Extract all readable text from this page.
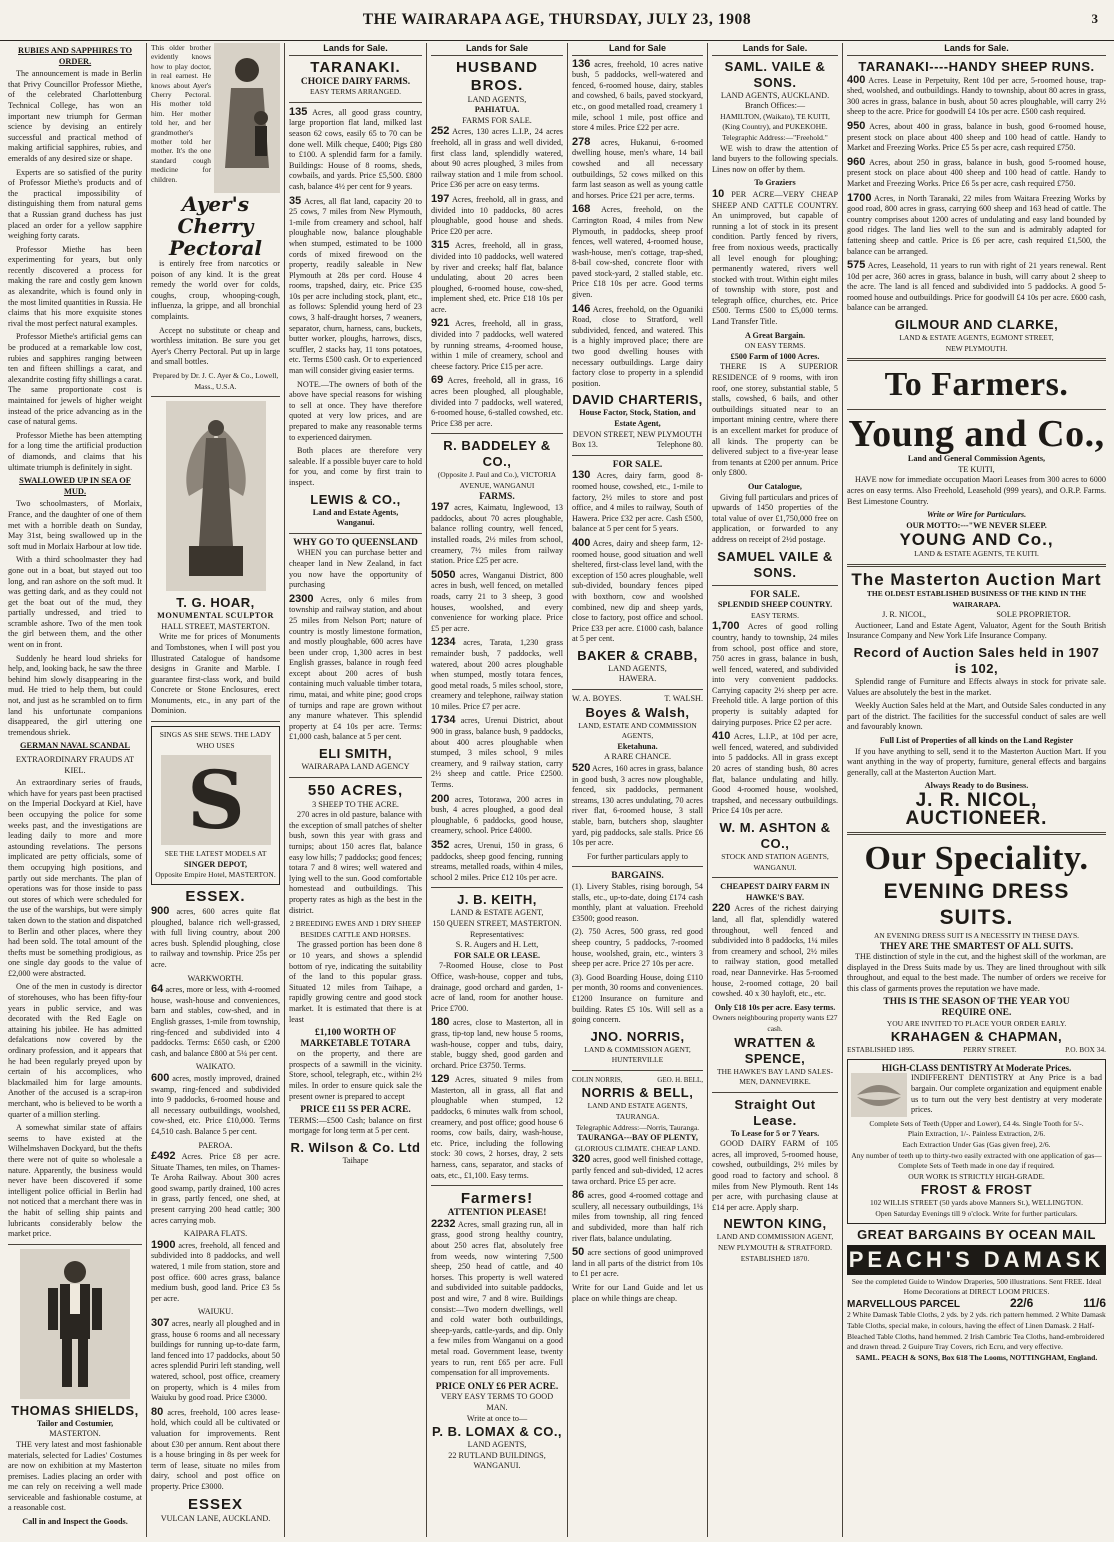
THE WAIRARAPA AGE, THURSDAY, JULY 23, 1908	3
RUBIES AND SAPPHIRES TO ORDER.

The announcement is made in Berlin that Privy Councillor Professor Miethe, of the celebrated Charlottenburg Technical College, has won an important new triumph for German science by devising an entirely successful and practical method of making artificial sapphires, rubies, and emeralds of any desired size or shape.

Experts are so satisfied of the purity of Professor Miethe's products and of the practical impossibility of distinguishing them from natural gems that a Russian grand duchess has just placed an order for a yellow sapphire weighing forty carats.

Professor Miethe has been experimenting for years, but only recently discovered a process for making the rare and costly gem known as alexandrite, which is found only in the most limited quantities in Russia. He claims that his more exquisite stones rival the most perfect natural examples.

Professor Miethe's artificial gems can be produced at a remarkable low cost, rubies and sapphires ranging between ten and fifteen shillings a carat, and alexandrite costing fifty shillings a carat. The same proportionate cost is maintained for jewels of higher weight instead of the price advancing as in the case of natural gems.

Professor Miethe has been attempting for a long time the artificial production of diamonds, and claims that his ultimate triumph is definitely in sight.

SWALLOWED UP IN SEA OF MUD.

Two schoolmasters, of Morlaix, France, and the daughter of one of them met with a horrible death on Sunday, May 31st, being swallowed up in the soft mud in Morlaix Harbour at low tide.

With a third schoolmaster they had gone out in a boat, but stayed out too long, and ran ashore on the soft mud. It was getting dark, and as they could not get the boat out of the mud, they partially undressed, and tried to scramble ashore. Two of the men took the girl between them, and the other went on in front.

Suddenly he heard loud shrieks for help, and, looking back, he saw the three behind him slowly disappearing in the mud. He tried to help them, but could not, and just as he scrambled on to firm land his unfortunate companions disappeared, the girl uttering one tremendous shriek.

GERMAN NAVAL SCANDAL
EXTRAORDINARY FRAUDS AT KIEL.

An extraordinary series of frauds, which have for years past been practised on the Imperial Dockyard at Kiel, have been occupying the police for some weeks past, and the investigations are leading daily to more and more astounding revelations. The persons implicated are petty officials, some of them occupying high positions, and partly out side merchants. The plan of operations was for those inside to pass out stores of which were scheduled for the use of the warships, but were simply taken down to the station and dispatched to Berlin and other places, where they had been sold. The total amount of the thefts must be something prodigious, as one single day goods to the value of £2,000 were abstracted.

One of the men in custody is director of storehouses, who has been fifty-four years in public service, and was decorated with the Red Eagle on attaining his jubilee. He has admitted defalcations now covered by the ordinary profession, and it appears that he had been regularly preyed upon by certain of his accomplices, who blackmailed him for large amounts. Another of the accused is a scrap-iron merchant, who is believed to be worth a quarter of a million sterling.

A somewhat similar state of affairs seems to have existed at the Wilhelmshaven Dockyard, but the thefts there were not of quite so wholesale a nature. Apparently, the business would never have been discovered if some intelligent police official in Berlin had not noticed that a merchant there was in the habit of selling ship paints and lubricants considerably below the market price.

THOMAS SHIELDS,
Tailor and Costumier,
MASTERTON.

THE very latest and most fashionable materials, selected for Ladies' Costumes are now on exhibition at my Masterton premises. Ladies placing an order with me can rely on receiving a well made serviceable and fashionable costume, at a reasonable cost.

Call in and Inspect the Goods.

This older brother evidently knows how to play doctor, in real earnest. He knows about Ayer's Cherry Pectoral. His mother told him. Her mother told her, and her grandmother's mother told her mother. It's the one standard cough medicine for children.

Ayer's Cherry Pectoral

is entirely free from narcotics or poison of any kind. It is the great remedy the world over for colds, coughs, croup, whooping-cough, influenza, la grippe, and all bronchial complaints.

Accept no substitute or cheap and worthless imitation. Be sure you get Ayer's Cherry Pectoral. Put up in large and small bottles.

Prepared by Dr. J. C. Ayer & Co., Lowell, Mass., U.S.A.
T. G. HOAR,
MONUMENTAL SCULPTOR
HALL STREET, MASTERTON.

Write me for prices of Monuments and Tombstones, when I will post you Illustrated Catalogue of handsome designs in Granite and Marble. I guarantee first-class work, and build Concrete or Stone Enclosures, erect Monuments, etc., in any part of the Dominion.

SINGS AS SHE SEWS. THE LADY WHO USES
S
SEE THE LATEST MODELS AT
SINGER DEPOT,
Opposite Empire Hotel, MASTERTON.
ESSEX.
900 acres, 600 acres quite flat ploughed, balance rich well-grassed, with full living country, about 200 acres bush. Splendid ploughing, close to railway and township. Price 25s per acre.
WARKWORTH.
64 acres, more or less, with 4-roomed house, wash-house and conveniences, barn and stables, cow-shed, and in English grasses, 1-mile from township, ring-fenced and subdivided into 4 paddocks. Terms: £650 cash, or £200 cash, and balance £800 at 5¼ per cent.
WAIKATO.
600 acres, mostly improved, drained swamp, ring-fenced and subdivided into 9 paddocks, 6-roomed house and all necessary outbuildings, woolshed, cow-shed, etc. Price £10,000. Terms £4,510 cash. Balance 5 per cent.
PAEROA.
£492 Acres. Price £8 per acre. Situate Thames, ten miles, on Thames-Te Aroha Railway. About 300 acres good swamp, partly drained, 100 acres in grass, partly fenced, one shed, at present carrying 200 head cattle; 300 acres carrying mob.
KAIPARA FLATS.
1900 acres, freehold, all fenced and subdivided into 8 paddocks, and well watered, 1 mile from station, store and post office. 600 acres grass, balance medium bush, good land. Price £3 5s per acre.
WAIUKU.
307 acres, nearly all ploughed and in grass, house 6 rooms and all necessary buildings for running up-to-date farm, land fenced into 17 paddocks, about 50 acres splendid Puriri left standing, well watered, school, post office, creamery on property, which is 4 miles from Waiuku by good road. Price £3000.
80 acres, freehold, 100 acres lease-hold, which could all be cultivated or valuation for improvements. Rent about £30 per annum. Rent about there is a house bringing in 8s per week for term of lease, situate no miles from dairy, school and post office on property. Price £3000.
ESSEX
VULCAN LANE, AUCKLAND.
Lands for Sale.
TARANAKI.
CHOICE DAIRY FARMS.
EASY TERMS ARRANGED.
135 Acres, all good grass country, large proportion flat land, milked last season 62 cows, easily 65 to 70 can be done well. Milk cheque, £400; Pigs £80 to £100. A splendid farm for a family. Buildings: House of 8 rooms, sheds, cowbails, and yards. Price £5,500. £800 cash, balance 4½ per cent for 9 years.
35 Acres, all flat land, capacity 20 to 25 cows, 7 miles from New Plymouth, 1-mile from creamery and school, half ploughable now, balance ploughable when stumped, estimated to be 1000 cords of mixed firewood on the property, readily saleable in New Plymouth at 28s per cord. House 4 rooms, trapshed, dairy, etc. Price £35 10s per acre including stock, plant, etc., as follows: Splendid young herd of 23 cows, 3 half-draught horses, 7 weaners, separator, churn, harness, cans, buckets, butter worker, ploughs, harrows, discs, scuffler, 2 stacks hay, 11 tons potatoes, etc. Terms £500 cash. Or to experienced man will consider giving easier terms.

NOTE.—The owners of both of the above have special reasons for wishing to sell at once. They have therefore quoted at very low prices, and are prepared to make any reasonable terms to experienced dairymen.

Both places are therefore very saleable. If a possible buyer care to hold for you, and come by first train to inspect.

LEWIS & CO.,
Land and Estate Agents,
Wanganui.
WHY GO TO QUEENSLAND

WHEN you can purchase better and cheaper land in New Zealand, in fact you now have the opportunity of purchasing

2300 Acres, only 6 miles from township and railway station, and about 25 miles from Nelson Port; nature of country is mostly limestone formation, and mostly ploughable, 600 acres have been under crop, 1,300 acres in best English grasses, balance in rough feed except about 200 acres of bush containing much valuable timber totara, rimu, matai, and white pine; good crops of turnips and rape are grown without any manure whatever. This splendid property at £4 10s per acre. Terms: £1,000 cash, balance at 5 per cent.
ELI SMITH,
WAIRARAPA LAND AGENCY
550 ACRES,
3 SHEEP TO THE ACRE.

270 acres in old pasture, balance with the exception of small patches of shelter bush, sown this year with grass and turnips; about 150 acres flat, balance easy low hills; 7 paddocks; good fences; totara 7 and 8 wires; well watered and lying well to the sun. Good comfortable homestead and outbuildings. This property rates as high as the best in the district.

2 BREEDING EWES AND 1 DRY SHEEP BESIDES CATTLE AND HORSES.

The grassed portion has been done 8 or 10 years, and shows a splendid bottom of rye, indicating the suitability of the land to this popular grass. Situated 12 miles from Taihape, a rapidly growing centre and good stock market. It is estimated that there is at least

£1,100 WORTH OF MARKETABLE TOTARA

on the property, and there are prospects of a sawmill in the vicinity. Store, school, telegraph, etc., within 2½ miles. In order to ensure quick sale the present owner is prepared to accept

PRICE £11 5S PER ACRE.

TERMS:—£500 Cash; balance on first mortgage for long term at 5 per cent.

R. Wilson & Co. Ltd
Taihape
Lands for Sale
HUSBAND BROS.
LAND AGENTS,
PAHIATUA.
FARMS FOR SALE.
252 Acres, 130 acres L.I.P., 24 acres freehold, all in grass and well divided, first class land, splendidly watered, about 90 acres ploughed, 3 miles from railway station and 1 mile from school. Price £36 per acre on easy terms.
197 Acres, freehold, all in grass, and divided into 10 paddocks, 80 acres ploughable, good house and sheds. Price £20 per acre.
315 Acres, freehold, all in grass, divided into 10 paddocks, well watered by river and creeks; half flat, balance undulating, about 20 acres been ploughed, 6-roomed house, cow-shed, implement shed, etc. Price £18 10s per acre.
921 Acres, freehold, all in grass, divided into 7 paddocks, well watered by running streams, 4-roomed house, within 1 mile of creamery, school and cheese factory. Price £15 per acre.
69 Acres, freehold, all in grass, 16 acres been ploughed, all ploughable, divided into 7 paddocks, well watered, 6-roomed house, 6-stalled cowshed, etc. Price £38 per acre.
R. BADDELEY & CO.,
(Opposite J. Paul and Co.), VICTORIA AVENUE, WANGANUI
FARMS.
197 acres, Kaimatu, Inglewood, 13 paddocks, about 70 acres ploughable, balance rolling country, well fenced, installed roads, 2½ miles from school, creamery, 7½ miles from railway station. Price £25 per acre.
5050 acres, Wanganui District, 800 acres in bush, well fenced, on metalled roads, carry 21 to 3 sheep, 3 good houses, woolshed, and every convenience for working place. Price £5 per acre.
1234 acres, Tarata, 1,230 grass remainder bush, 7 paddocks, well watered, about 200 acres ploughable when stumped, mostly totara fences, good metal roads, 5 miles school, store, creamery and telephone, railway station 10 miles. Price £7 per acre.
1734 acres, Urenui District, about 900 in grass, balance bush, 9 paddocks, about 400 acres ploughable when stumped, 3 miles school, 9 miles creamery, and 9 railway station, carry 2½ sheep and cattle. Price £2500. Terms.
200 acres, Totorawa, 200 acres in bush, 4 acres ploughed, a good deal ploughable, 6 paddocks, good house, creamery, school. Price £4000.
352 acres, Urenui, 150 in grass, 6 paddocks, sheep good fencing, running streams, metalled roads, within 4 miles, school 2 miles. Price £12 10s per acre.
J. B. KEITH,
LAND & ESTATE AGENT,
150 QUEEN STREET, MASTERTON.
Representatives:
S. R. Augers and H. Lett,
FOR SALE OR LEASE.

7-Roomed House, close to Post Office, wash-house, copper and tubs, drainage, good orchard and garden, 1-acre of land, room for another house. Price £700.

180 acres, close to Masterton, all in grass, tip-top land, new house 5 rooms, wash-house, copper and tubs, dairy, stable, buggy shed, good garden and orchard. Price £3750. Terms.
129 Acres, situated 9 miles from Masterton, all in grass, all flat and ploughable when stumped, 12 paddocks, 6 minutes walk from school, creamery, and post office; good house 6 rooms, cow bails, dairy, wash-house, etc. Price, including the following stock: 30 cows, 2 horses, dray, 2 sets harness, cans, separator, and stacks of oats, etc., £1,100. Easy terms.
Farmers!
ATTENTION PLEASE!
2232 Acres, small grazing run, all in grass, good strong healthy country, about 250 acres flat, absolutely free from weeds, now wintering 7,500 sheep, 250 head of cattle, and 40 horses. This property is well watered and subdivided into suitable paddocks, post and wire, 7 and 8 wire. Buildings consist:—Two modern dwellings, well and cold water both outbuildings, sheep-yards, cattle-yards, and dip. Only a few miles from Wanganui on a good metal road. Government lease, twenty years to run, rent £65 per acre. Full compensation for all improvements.
PRICE ONLY £6 PER ACRE.
VERY EASY TERMS TO GOOD MAN.
Write at once to—
P. B. LOMAX & CO.,
LAND AGENTS,
22 RUTLAND BUILDINGS, WANGANUI.
Land for Sale
136 acres, freehold, 10 acres native bush, 5 paddocks, well-watered and fenced, 6-roomed house, dairy, stables and cowshed, 6 bails, paved stockyard, etc., on good metalled road, creamery 1 mile, school 1 mile, post office and store 4 miles. Price £22 per acre.
278 acres, Hukanui, 6-roomed dwelling house, men's whare, 14 bail cowshed and all necessary outbuildings, 52 cows milked on this farm last season as well as young cattle and horses. Price £21 per acre, terms.
168 Acres, freehold, on the Carrington Road, 4 miles from New Plymouth, in paddocks, sheep proof fences, well watered, 4-roomed house, wash-house, men's cottage, trap-shed, 8-bail cow-shed, concrete floor with paved stock-yard, 2 stalled stable, etc. Price £18 10s per acre. Good terms given.
146 Acres, freehold, on the Oguaniki Road, close to Stratford, well subdivided, fenced, and watered. This is a highly improved place; there are two good dwelling houses with necessary outbuildings. Large dairy factory close to property in a splendid position.
DAVID CHARTERIS,
House Factor, Stock, Station, and Estate Agent,
DEVON STREET, NEW PLYMOUTH
Box 13.	Telephone 80.
FOR SALE.
130 Acres, dairy farm, good 8-roomed house, cowshed, etc., 1-mile to factory, 2½ miles to store and post office, and 4 miles to railway, South of Hawera. Price £32 per acre. Cash £500, balance at 5 per cent for 5 years.
400 Acres, dairy and sheep farm, 12-roomed house, good situation and well sheltered, first-class level land, with the exception of 150 acres ploughable, well sub-divided, boundary fences piped with boxthorn, cow and woolshed combined, new dip and sheep yards, close to factory, post office and school. Price £33 per acre. £1000 cash, balance at 5 per cent.
BAKER & CRABB,
LAND AGENTS,
HAWERA.
W. A. BOYES.	T. WALSH.
Boyes & Walsh,
LAND, ESTATE AND COMMISSION AGENTS,
Eketahuna.
A RARE CHANCE.
520 Acres, 160 acres in grass, balance in good bush, 3 acres now ploughable, fenced, six paddocks, permanent streams, 130 acres undulating, 70 acres river flat, 6-roomed house, 3 stall stable, barn, butchers shop, slaughter yard, pig paddocks, sale stalls. Price £6 10s per acre.
For further particulars apply to
BARGAINS.

(1). Livery Stables, rising borough, 54 stalls, etc., up-to-date, doing £174 cash monthly, plant at valuation. Freehold £3500; good reason.

(2). 750 Acres, 500 grass, red good sheep country, 5 paddocks, 7-roomed house, woolshed, grain, etc., winters 3 sheep per acre. Price 27 10s per acre.

(3). Good Boarding House, doing £110 per month, 30 rooms and conveniences. £1200 Insurance on furniture and building. Rates £5 10s. Will sell as a going concern.

JNO. NORRIS,
LAND & COMMISSION AGENT,
HUNTERVILLE
COLIN NORRIS,	GEO. H. BELL,
NORRIS & BELL,
LAND AND ESTATE AGENTS, TAURANGA.
Telegraphic Address:—Norris, Tauranga.
TAURANGA---BAY OF PLENTY,
GLORIOUS CLIMATE. CHEAP LAND.
320 acres, good well finished cottage, partly fenced and sub-divided, 12 acres tawa orchard. Price £5 per acre.
86 acres, good 4-roomed cottage and scullery, all necessary outbuildings, 1¼ miles from township, all ring fenced and subdivided, more than half rich river flats, balance undulating.
50 acre sections of good unimproved land in all parts of the district from 10s to £1 per acre.

Write for our Land Guide and let us place on while things are cheap.

Lands for Sale.
SAML. VAILE & SONS.
LAND AGENTS, AUCKLAND.
Branch Offices:—
HAMILTON, (Waikato), TE KUITI, (King Country), and PUKEKOHE.
Telegraphic Address:—"Freehold."

WE wish to draw the attention of land buyers to the following specials. Lines now on offer by them.

To Graziers
10 PER ACRE—VERY CHEAP SHEEP AND CATTLE COUNTRY. An unimproved, but capable of running a lot of stock in its present condition. Partly fenced by rivers, free from noxious weeds, practically all level enough for ploughing; permanently watered, rivers well stocked with trout. Within eight miles of township with store, post and telegraph office, churches, etc. Price £500. Terms £500 to £5,000 terms. Land Transfer Title.
A Great Bargain.
ON EASY TERMS.
£500 Farm of 1000 Acres.

THERE IS A SUPERIOR RESIDENCE of 9 rooms, with iron roof, one storey, substantial stable, 5 stalls, cowshed, 6 bails, and other outbuildings situated near to an important mining centre, where there is an excellent market for produce of all kinds. The property can be delivered subject to a five-year lease from tenants at £200 per annum. Price only £800.

Our Catalogue,

Giving full particulars and prices of upwards of 1450 properties of the total value of over £1,750,000 free on application, or forwarded to any address on receipt of 2½d postage.

SAMUEL VAILE & SONS.
FOR SALE.
SPLENDID SHEEP COUNTRY.
EASY TERMS.
1,700 Acres of good rolling country, handy to township, 24 miles from school, post office and store, 750 acres in grass, balance in bush, well fenced, watered, and subdivided into very convenient paddocks. Carrying capacity 2½ sheep per acre. Freehold title. A large portion of this property is suitably adapted for dairying purposes. Price £2 per acre.
410 Acres, L.I.P., at 10d per acre, well fenced, watered, and subdivided into 5 paddocks. All in grass except 20 acres of standing bush, 80 acres flat, balance undulating and hilly. Good 4-roomed house, woolshed, trapshed, and necessary outbuildings. Price £4 10s per acre.
W. M. ASHTON & CO.,
STOCK AND STATION AGENTS,
WANGANUI.
CHEAPEST DAIRY FARM IN HAWKE'S BAY.
220 Acres of the richest dairying land, all flat, splendidly watered throughout, well fenced and subdivided into 8 paddocks, 1¼ miles from creamery and school, 2½ miles to railway station, good metalled road, near Dannevirke. Has 5-roomed house, 2-roomed cottage, 20 bail cowshed. 40 x 30 hayloft, etc., etc.
Only £18 10s per acre. Easy terms.
Owners neighbouring property wants £27 cash.
WRATTEN & SPENCE,
THE HAWKE'S BAY LAND SALES-MEN, DANNEVIRKE.
Straight Out Lease.
To Lease for 5 or 7 Years.

GOOD DAIRY FARM of 105 acres, all improved, 5-roomed house, cowshed, outbuildings, 2½ miles by good road to factory and school. 8 miles from New Plymouth. Rent 14s per acre, with purchasing clause at £14 per acre. Apply sharp.

NEWTON KING,
LAND AND COMMISSION AGENT,
NEW PLYMOUTH & STRATFORD.
ESTABLISHED 1870.
Lands for Sale.
TARANAKI----HANDY SHEEP RUNS.
400 Acres. Lease in Perpetuity, Rent 10d per acre, 5-roomed house, trap-shed, woolshed, and outbuildings. Handy to township, about 80 acres in grass, 300 acres in grass, balance in bush, about 50 acres ploughable, will carry 2½ sheep to the acre. Price for goodwill £4 10s per acre. £500 cash required.
950 Acres, about 400 in grass, balance in bush, good 6-roomed house, present stock on place about 400 sheep and 100 head of cattle. Handy to Market and Freezing Works. Price £5 5s per acre, cash required £750.
960 Acres, about 250 in grass, balance in bush, good 5-roomed house, present stock on place about 400 sheep and 100 head of cattle. Handy to Market and Freezing Works. Price £6 5s per acre, cash required £750.
1700 Acres, in North Taranaki, 22 miles from Waitara Freezing Works by good road, 800 acres in grass, carrying 600 sheep and 163 head of cattle. The country comprises about 1200 acres of undulating and easy land bounded by good ridges. The land lies well to the sun and is admirably adapted for fattening sheep and cattle. Price is £6 per acre, cash required £1,500, the balance can be arranged.
575 Acres, Leasehold, 11 years to run with right of 21 years renewal. Rent 10d per acre, 360 acres in grass, balance in bush, will carry about 2 sheep to the acre. The land is all fenced and subdivided into 5 paddocks. A good 5-roomed house and outbuildings. Price for goodwill £4 10s per acre. £600 cash, balance can be arranged.
GILMOUR AND CLARKE,
LAND & ESTATE AGENTS, EGMONT STREET,
NEW PLYMOUTH.
To Farmers.
Young and Co.,
Land and General Commission Agents,
TE KUITI,

HAVE now for immediate occupation Maori Leases from 300 acres to 6000 acres on easy terms. Also Freehold, Leasehold (999 years), and O.R.P. Farms. Best Limestone Country.

Write or Wire for Particulars.
OUR MOTTO:---"WE NEVER SLEEP.
YOUNG AND Co.,
LAND & ESTATE AGENTS, TE KUITI.
The Masterton Auction Mart
THE OLDEST ESTABLISHED BUSINESS OF THE KIND IN THE WAIRARAPA.
J. R. NICOL,	SOLE PROPRIETOR.

Auctioneer, Land and Estate Agent, Valuator, Agent for the South British Insurance Company and New York Life Insurance Company.

Record of Auction Sales held in 1907 is 102,

Splendid range of Furniture and Effects always in stock for private sale. Values are absolutely the best in the market.

Weekly Auction Sales held at the Mart, and Outside Sales conducted in any part of the district. The facilities for the successful conduct of sales are well and favourably known.

Full List of Properties of all kinds on the Land Register

If you have anything to sell, send it to the Masterton Auction Mart. If you want anything in the way of property, furniture, general effects and bargains generally, call at the Masterton Auction Mart.

Always Ready to do Business.
J. R. NICOL, AUCTIONEER.
Our Speciality.
EVENING DRESS SUITS.
AN EVENING DRESS SUIT IS A NECESSITY IN THESE DAYS.
THEY ARE THE SMARTEST OF ALL SUITS.

THE distinction of style in the cut, and the highest skill of the workman, are displayed in the Dress Suits made by us. They are lined throughout with silk throughout, and equal to the best made. The number of orders we receive for this class of garments proves the reputation we have made.

THIS IS THE SEASON OF THE YEAR YOU
REQUIRE ONE.
YOU ARE INVITED TO PLACE YOUR ORDER EARLY.
KRAHAGEN & CHAPMAN,
ESTABLISHED 1895.	PERRY STREET.	P.O. BOX 34.
HIGH-CLASS DENTISTRY At Moderate Prices.

INDIFFERENT DENTISTRY at Any Price is a bad bargain. Our complete organization and equipment enable us to turn out the very best dentistry at very moderate prices.

Complete Sets of Teeth (Upper and Lower), £4 4s. Single Tooth for 5/-.
Plain Extraction, 1/-. Painless Extraction, 2/6.
Each Extraction Under Gas (Gas given free), 2/6.
Any number of teeth up to thirty-two easily extracted with one application of gas—Complete Sets of Teeth made in one day if required.
OUR WORK IS STRICTLY HIGH-GRADE.
FROST & FROST
102 WILLIS STREET (50 yards above Manners St.), WELLINGTON.
Open Saturday Evenings till 9 o'clock. Write for further particulars.
GREAT BARGAINS BY OCEAN MAIL
PEACH'S DAMASK
See the completed Guide to Window Draperies, 500 illustrations. Sent FREE. Ideal Home Decorations at DIRECT LOOM PRICES.
MARVELLOUS PARCEL	22/6	11/6
2 White Damask Table Cloths, 2 yds. by 2 yds. rich pattern hemmed. 2 White Damask Table Cloths, special make, in colours, having the effect of Linen Damask. 2 Half-Bleached Table Cloths, hand hemmed. 2 Irish Cambric Tea Cloths, hand-embroidered and drawn thread. 2 Guipure Tray Covers, rich Ecru, and very effective.
SAML. PEACH & SONS, Box 618 The Looms, NOTTINGHAM, England.
